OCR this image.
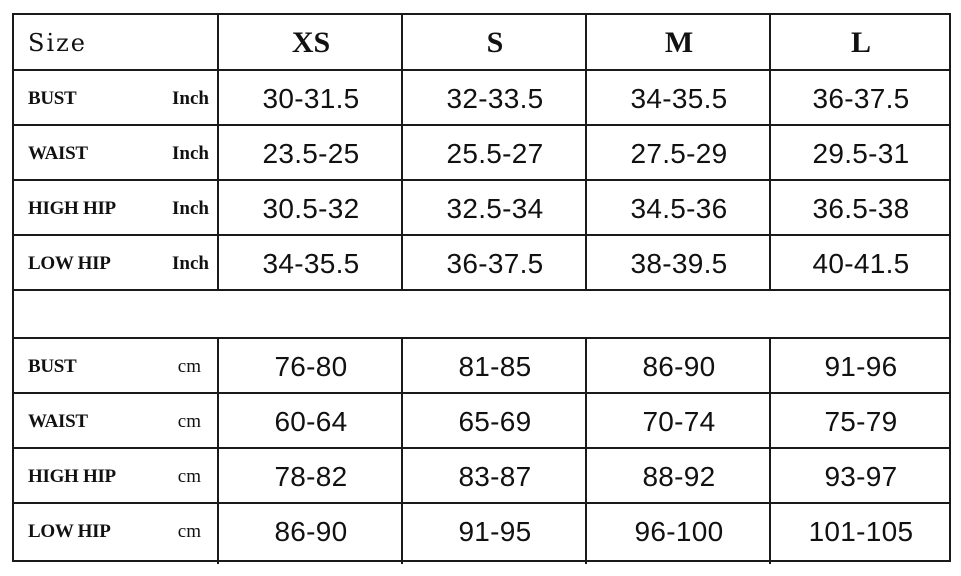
Size	XS	S	M	L
BUST	Inch	30-31.5	32-33.5	34-35.5	36-37.5
WAIST	Inch	23.5-25	25.5-27	27.5-29	29.5-31
HIGH HIP	Inch	30.5-32	32.5-34	34.5-36	36.5-38
LOW HIP	Inch	34-35.5	36-37.5	38-39.5	40-41.5
BUST	cm	76-80	81-85	86-90	91-96
WAIST	cm	60-64	65-69	70-74	75-79
HIGH HIP	cm	78-82	83-87	88-92	93-97
LOW HIP	cm	86-90	91-95	96-100	101-105
